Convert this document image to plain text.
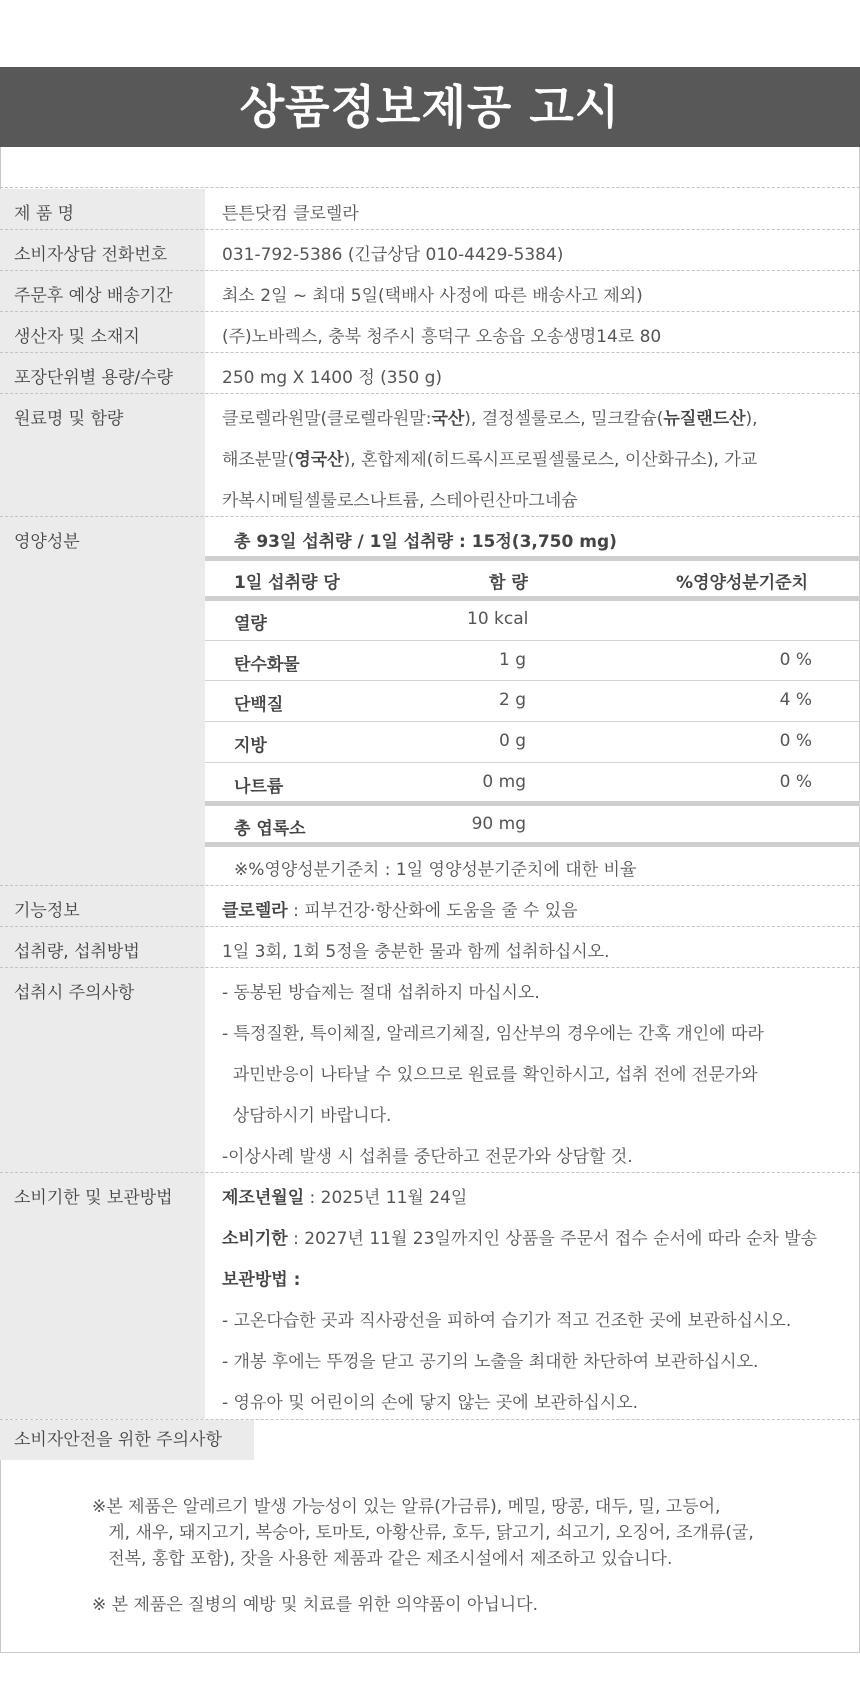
상품정보제공 고시
제 품 명	튼튼닷컴 클로렐라
소비자상담 전화번호	031-792-5386 (긴급상담 010-4429-5384)
주문후 예상 배송기간	최소 2일 ~ 최대 5일(택배사 사정에 따른 배송사고 제외)
생산자 및 소재지	(주)노바렉스, 충북 청주시 흥덕구 오송읍 오송생명14로 80
포장단위별 용량/수량	250 mg X 1400 정 (350 g)
원료명 및 함량	클로렐라원말(클로렐라원말:국산), 결정셀룰로스, 밀크칼슘(뉴질랜드산),
해조분말(영국산), 혼합제제(히드록시프로필셀룰로스, 이산화규소), 가교
카복시메틸셀룰로스나트륨, 스테아린산마그네슘
영양성분	총 93일 섭취량 / 1일 섭취량 : 15정(3,750 mg)
1일 섭취량 당	함 량	%영양성분기준치
열량	10 kcal
탄수화물	1 g	0 %
단백질	2 g	4 %
지방	0 g	0 %
나트륨	0 mg	0 %
총 엽록소	90 mg
※%영양성분기준치 : 1일 영양성분기준치에 대한 비율
기능정보	클로렐라 : 피부건강·항산화에 도움을 줄 수 있음
섭취량, 섭취방법	1일 3회, 1회 5정을 충분한 물과 함께 섭취하십시오.
섭취시 주의사항	- 동봉된 방습제는 절대 섭취하지 마십시오.
- 특정질환, 특이체질, 알레르기체질, 임산부의 경우에는 간혹 개인에 따라
과민반응이 나타날 수 있으므로 원료를 확인하시고, 섭취 전에 전문가와
상담하시기 바랍니다.
-이상사례 발생 시 섭취를 중단하고 전문가와 상담할 것.
소비기한 및 보관방법	제조년월일 : 2025년 11월 24일
소비기한 : 2027년 11월 23일까지인 상품을 주문서 접수 순서에 따라 순차 발송
보관방법 :
- 고온다습한 곳과 직사광선을 피하여 습기가 적고 건조한 곳에 보관하십시오.
- 개봉 후에는 뚜껑을 닫고 공기의 노출을 최대한 차단하여 보관하십시오.
- 영유아 및 어린이의 손에 닿지 않는 곳에 보관하십시오.
소비자안전을 위한 주의사항
※본 제품은 알레르기 발생 가능성이 있는 알류(가금류), 메밀, 땅콩, 대두, 밀, 고등어,
게, 새우, 돼지고기, 복숭아, 토마토, 아황산류, 호두, 닭고기, 쇠고기, 오징어, 조개류(굴,
전복, 홍합 포함), 잣을 사용한 제품과 같은 제조시설에서 제조하고 있습니다.
※ 본 제품은 질병의 예방 및 치료를 위한 의약품이 아닙니다.
